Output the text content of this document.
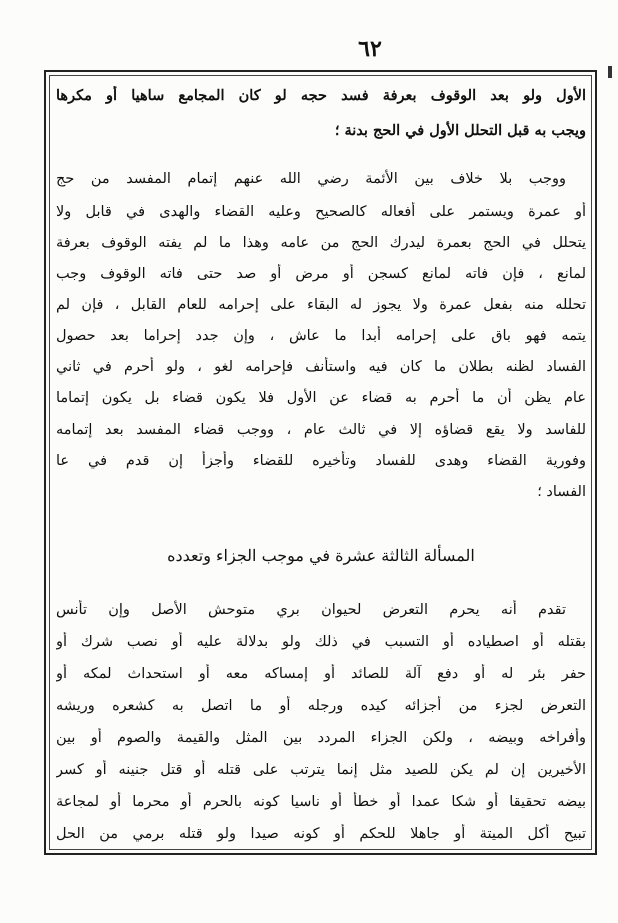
٦٢
الأول ولو بعد الوقوف بعرفة فسد حجه لو كان المجامع ساهيا أو مكرها
ويجب به قبل التحلل الأول في الحج بدنة ؛
ووجب بلا خلاف بين الأئمة رضي الله عنهم إتمام المفسد من حج
أو عمرة ويستمر على أفعاله كالصحيح وعليه القضاء والهدى في قابل ولا
يتحلل في الحج بعمرة ليدرك الحج من عامه وهذا ما لم يفته الوقوف بعرفة
لمانع ، فإن فاته لمانع كسجن أو مرض أو صد حتى فاته الوقوف وجب
تحلله منه بفعل عمرة ولا يجوز له البقاء على إحرامه للعام القابل ، فإن لم
يتمه فهو باق على إحرامه أبدا ما عاش ، وإن جدد إحراما بعد حصول
الفساد لظنه بطلان ما كان فيه واستأنف فإحرامه لغو ، ولو أحرم في ثاني
عام يظن أن ما أحرم به قضاء عن الأول فلا يكون قضاء بل يكون إتماما
للفاسد ولا يقع قضاؤه إلا في ثالث عام ، ووجب قضاء المفسد بعد إتمامه
وفورية القضاء وهدى للفساد وتأخيره للقضاء وأجزأ إن قدم في عا
الفساد ؛
المسألة الثالثة عشرة في موجب الجزاء وتعدده
تقدم أنه يحرم التعرض لحيوان بري متوحش الأصل وإن تأنس
بقتله أو اصطياده أو التسبب في ذلك ولو بدلالة عليه أو نصب شرك أو
حفر بئر له أو دفع آلة للصائد أو إمساكه معه أو استحداث لمكه أو
التعرض لجزء من أجزائه كيده ورجله أو ما اتصل به كشعره وريشه
وأفراخه وبيضه ، ولكن الجزاء المردد بين المثل والقيمة والصوم أو بين
الأخيرين إن لم يكن للصيد مثل إنما يترتب على قتله أو قتل جنينه أو كسر
بيضه تحقيقا أو شكا عمدا أو خطأ أو ناسيا كونه بالحرم أو محرما أو لمجاعة
تبيح أكل الميتة أو جاهلا للحكم أو كونه صيدا ولو قتله برمي من الحل
